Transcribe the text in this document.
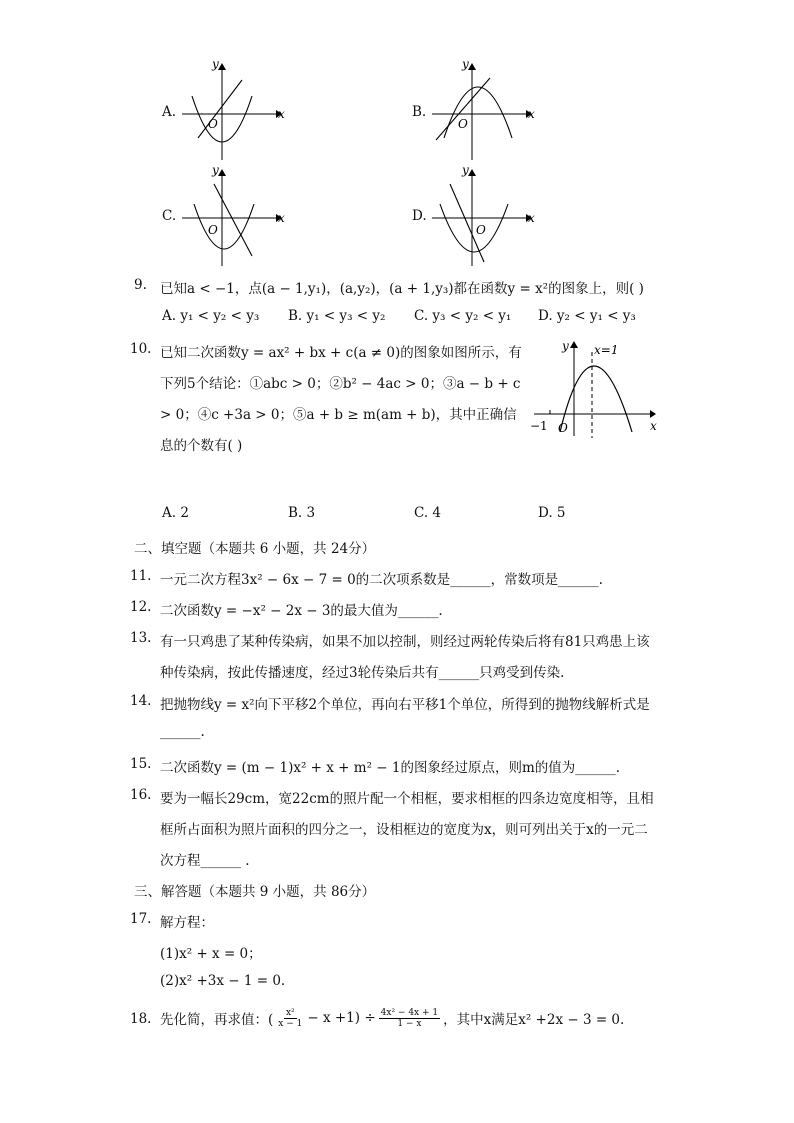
A.
y
x
O
B.
y
x
O
C.
y
x
O
D.
y
x
O
9. 已知a < −1，点(a − 1,y₁)，(a,y₂)，(a + 1,y₃)都在函数y = x²的图象上，则( )
A. y₁ < y₂ < y₃ B. y₁ < y₃ < y₂ C. y₃ < y₂ < y₁ D. y₂ < y₁ < y₃
10. 已知二次函数y = ax² + bx + c(a ≠ 0)的图象如图所示，有
下列5个结论：①abc > 0；②b² − 4ac > 0；③a − b + c
> 0；④c +3a > 0；⑤a + b ≥ m(am + b)，其中正确信
息的个数有( )
y x=1
x
−1 O
A. 2	B. 3	C. 4	D. 5
二、填空题（本题共 6 小题，共 24分）
11. 一元二次方程3x² − 6x − 7 = 0的二次项系数是______，常数项是______.
12. 二次函数y = −x² − 2x − 3的最大值为______.
13. 有一只鸡患了某种传染病，如果不加以控制，则经过两轮传染后将有81只鸡患上该
种传染病，按此传播速度，经过3轮传染后共有______只鸡受到传染.
14. 把抛物线y = x²向下平移2个单位，再向右平移1个单位，所得到的抛物线解析式是
______.
15. 二次函数y = (m − 1)x² + x + m² − 1的图象经过原点，则m的值为______.
16. 要为一幅长29cm，宽22cm的照片配一个相框，要求相框的四条边宽度相等，且相
框所占面积为照片面积的四分之一，设相框边的宽度为x，则可列出关于x的一元二
次方程______ .
三、解答题（本题共 9 小题，共 86分）
17. 解方程：
(1)x² + x = 0；
(2)x² +3x − 1 = 0.
18. 先化简，再求值：( $\frac{\text{x²}}{x - 1} - x +1) \div \frac{\text{4x² − 4x + 1}}{1 - x}$ ，其中x满足x² +2x − 3 = 0.
